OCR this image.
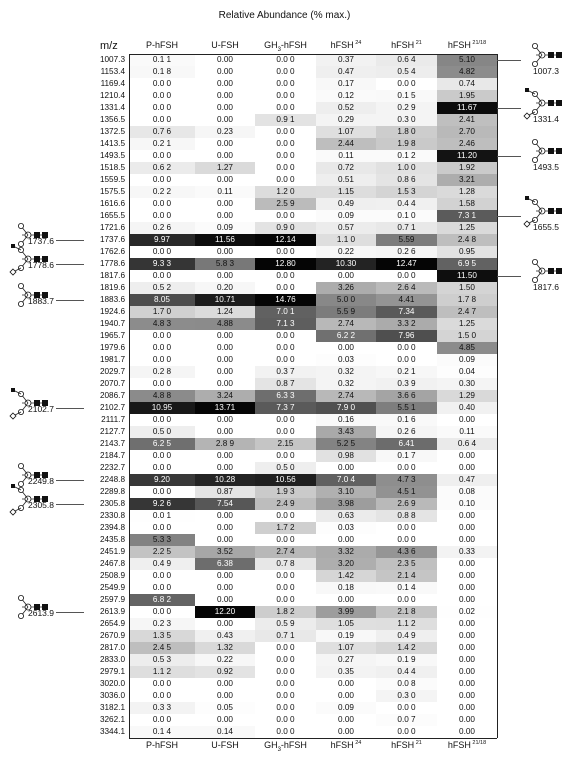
Relative Abundance (% max.)
m/z	P-hFSH	U-FSH	$GH_3$-hFSH	hFSH $^{24}$	hFSH $^{21}$	hFSH $^{21/18}$
P-hFSH	U-FSH	$GH_3$-hFSH	hFSH $^{24}$	hFSH $^{21}$	hFSH $^{21/18}$
1007.3	0.1 1	0.00	0.0 0	0.37	0.6 4	5.10
1153.4	0.1 8	0.00	0.0 0	0.47	0.5 4	4.82
1169.4	0.0 0	0.00	0.0 0	0.17	0.0 0	0.74
1210.4	0.0 0	0.00	0.0 0	0.12	0.1 5	1.95
1331.4	0.0 0	0.00	0.0 0	0.52	0.2 9	11.67
1356.5	0.0 0	0.00	0.9 1	0.29	0.3 0	2.41
1372.5	0.7 6	0.23	0.0 0	1.07	1.8 0	2.70
1413.5	0.2 1	0.00	0.0 0	2.44	1.9 8	2.46
1493.5	0.0 0	0.00	0.0 0	0.11	0.1 2	11.20
1518.5	0.6 2	1.27	0.0 0	0.72	1.0 0	1.92
1559.5	0.0 0	0.00	0.0 0	0.51	0.8 6	3.21
1575.5	0.2 2	0.11	1.2 0	1.15	1.5 3	1.28
1616.6	0.0 0	0.00	2.5 9	0.49	0.4 4	1.58
1655.5	0.0 0	0.00	0.0 0	0.09	0.1 0	7.3 1
1721.6	0.2 6	0.09	0.9 0	0.57	0.7 1	1.25
1737.6	9.97	11.56	12.14	1.1 0	5.59	2.4 8
1762.6	0.0 0	0.00	0.0 0	0.22	0.2 6	0.95
1778.6	9.3 3	5.8 3	12.80	10.30	12.47	6.9 5
1817.6	0.0 0	0.00	0.0 0	0.00	0.0 0	11.50
1819.6	0.5 2	0.20	0.0 0	3.26	2.6 4	1.50
1883.6	8.05	10.71	14.76	5.0 0	4.41	1.7 8
1924.6	1.7 0	1.24	7.0 1	5.5 9	7.34	2.4 7
1940.7	4.8 3	4.88	7.1 3	2.74	3.3 2	1.25
1965.7	0.0 0	0.00	0.0 0	6.2 2	7.96	1.5 0
1979.6	0.0 0	0.00	0.0 0	0.00	0.0 0	4.85
1981.7	0.0 0	0.00	0.0 0	0.03	0.0 0	0.09
2029.7	0.2 8	0.00	0.3 7	0.32	0.2 1	0.04
2070.7	0.0 0	0.00	0.8 7	0.32	0.3 9	0.30
2086.7	4.8 8	3.24	6.3 3	2.74	3.6 6	1.29
2102.7	10.95	13.71	7.3 7	7.9 0	5.5 1	0.40
2111.7	0.0 0	0.00	0.0 0	0.16	0.1 6	0.00
2127.7	0.5 0	0.00	0.0 0	3.43	0.2 6	0.11
2143.7	6.2 5	2.8 9	2.15	5.2 5	6.41	0.6 4
2184.7	0.0 0	0.00	0.0 0	0.98	0.1 7	0.00
2232.7	0.0 0	0.00	0.5 0	0.00	0.0 0	0.00
2248.8	9.20	10.28	10.56	7.0 4	4.7 3	0.47
2289.8	0.0 0	0.87	1.9 3	3.10	4.5 1	0.08
2305.8	9.2 6	7.54	2.4 9	3.98	2.6 9	0.10
2330.8	0.0 1	0.00	0.0 0	0.63	0.8 8	0.00
2394.8	0.0 0	0.00	1.7 2	0.03	0.0 0	0.00
2435.8	5.3 3	0.00	0.0 0	0.00	0.0 0	0.00
2451.9	2.2 5	3.52	2.7 4	3.32	4.3 6	0.33
2467.8	0.4 9	6.38	0.7 8	3.20	2.3 5	0.00
2508.9	0.0 0	0.00	0.0 0	1.42	2.1 4	0.00
2549.9	0.0 0	0.00	0.0 0	0.18	0.1 4	0.00
2597.9	6.8 2	0.00	0.0 0	0.00	0.0 0	0.00
2613.9	0.0 0	12.20	1.8 2	3.99	2.1 8	0.02
2654.9	0.2 3	0.00	0.5 9	1.05	1.1 2	0.00
2670.9	1.3 5	0.43	0.7 1	0.19	0.4 9	0.00
2817.0	2.4 5	1.32	0.0 0	1.07	1.4 2	0.00
2833.0	0.5 3	0.22	0.0 0	0.27	0.1 9	0.00
2979.1	1.1 2	0.92	0.0 0	0.35	0.4 4	0.00
3020.0	0.0 0	0.00	0.0 0	0.00	0.0 8	0.00
3036.0	0.0 0	0.00	0.0 0	0.00	0.3 0	0.00
3182.1	0.3 3	0.05	0.0 0	0.09	0.0 0	0.00
3262.1	0.0 0	0.00	0.0 0	0.00	0.0 7	0.00
3344.1	0.1 4	0.14	0.0 0	0.00	0.0 0	0.00
1007.3
1331.4
1493.5
1655.5
1817.6
1737.6
1778.6
1883.7
2102.7
2249.8
2305.8
2613.9
